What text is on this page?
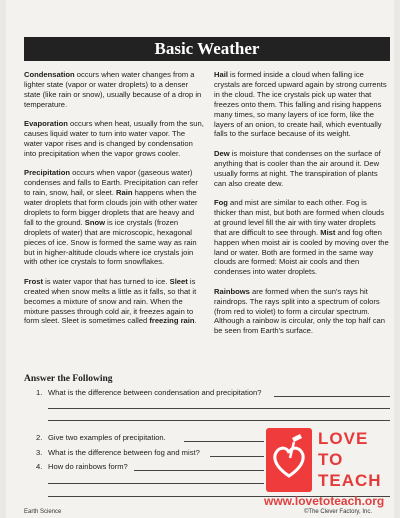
Basic Weather

Condensation occurs when water changes from a lighter state (vapor or water droplets) to a denser state (like rain or snow), usually because of a drop in temperature.

Evaporation occurs when heat, usually from the sun, causes liquid water to turn into water vapor. The water vapor rises and is changed by condensation into precipitation when the vapor grows cooler.

Precipitation occurs when vapor (gaseous water) condenses and falls to Earth. Precipitation can refer to rain, snow, hail, or sleet. Rain happens when the water droplets that form clouds join with other water droplets to form bigger droplets that are heavy and fall to the ground. Snow is ice crystals (frozen droplets of water) that are microscopic, hexagonal pieces of ice. Snow is formed the same way as rain but in higher-altitude clouds where ice crystals join with other ice crystals to form snowflakes.

Frost is water vapor that has turned to ice. Sleet is created when snow melts a little as it falls, so that it becomes a mixture of snow and rain. When the mixture passes through cold air, it freezes again to form sleet. Sleet is sometimes called freezing rain.

Hail is formed inside a cloud when falling ice crystals are forced upward again by strong currents in the cloud. The ice crystals pick up water that freezes onto them. This falling and rising happens many times, so many layers of ice form, like the layers of an onion, to create hail, which eventually falls to the surface because of its weight.

Dew is moisture that condenses on the surface of anything that is cooler than the air around it. Dew usually forms at night. The transpiration of plants can also create dew.

Fog and mist are similar to each other. Fog is thicker than mist, but both are formed when clouds at ground level fill the air with tiny water droplets that are difficult to see through. Mist and fog often happen when moist air is cooled by moving over the land or water. Both are formed in the same way clouds are formed: Moist air cools and then condenses into water droplets.

Rainbows are formed when the sun's rays hit raindrops. The rays split into a spectrum of colors (from red to violet) to form a circular spectrum. Although a rainbow is circular, only the top half can be seen from Earth's surface.

Answer the Following
1. What is the difference between condensation and precipitation?
2. Give two examples of precipitation.
3. What is the difference between fog and mist?
4. How do rainbows form?
LOVE
TO
TEACH
www.lovetoteach.org
Earth Science	©The Clever Factory, Inc.
